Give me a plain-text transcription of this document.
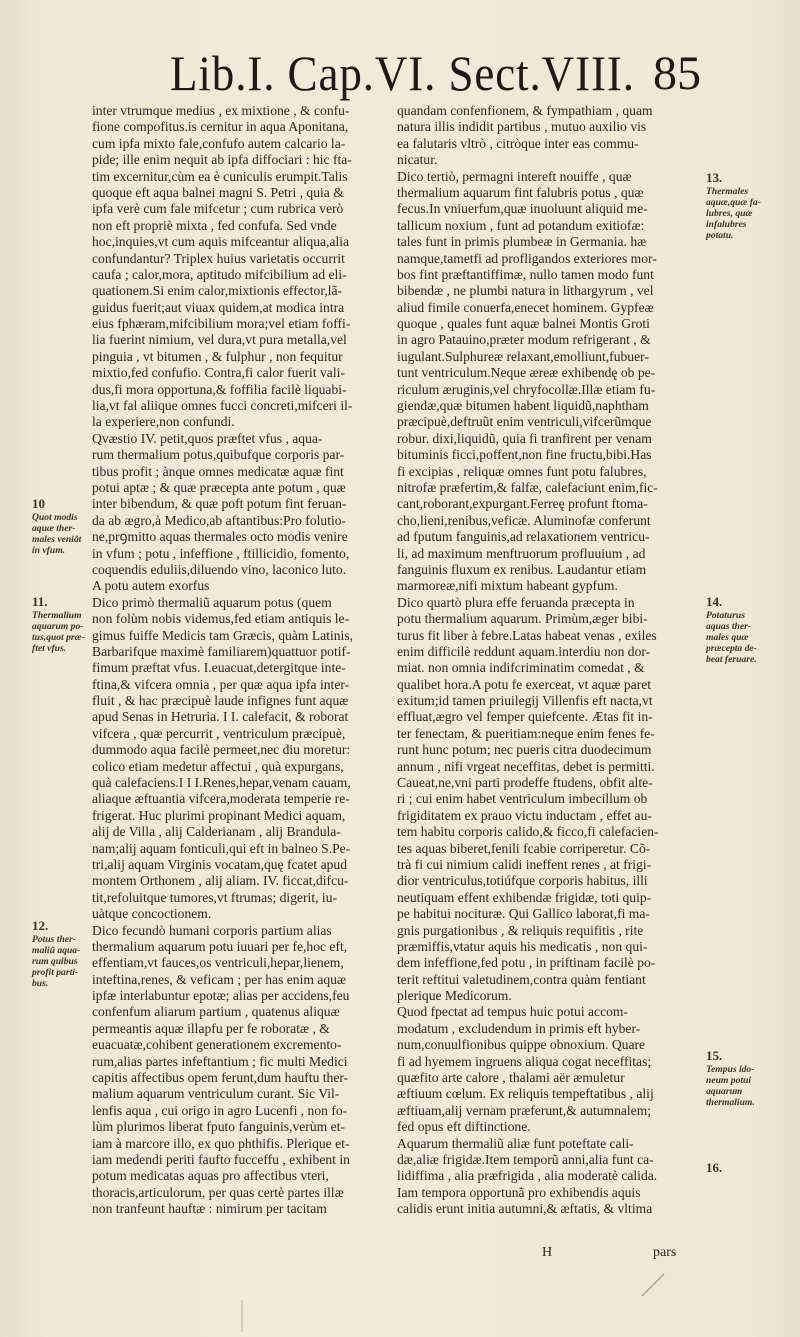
Lib.I. Cap.VI. Sect.VIII. 85
inter vtrumque medius , ex mixtione , & confu-
fione compofitus.is cernitur in aqua Aponitana,
cum ipfa mixto fale,confufo autem calcario la-
pide; ille enim nequit ab ipfa diffociari : hic fta-
tim excernitur,cùm ea è cuniculis erumpit.Talis
quoque eft aqua balnei magni S. Petri , quia &
ipfa verè cum fale mifcetur ; cum rubrica verò
non eft propriè mixta , fed confufa. Sed vnde
hoc,inquies,vt cum aquis mifceantur aliqua,alia
confundantur? Triplex huius varietatis occurrit
caufa ; calor,mora, aptitudo mifcibilium ad eli-
quationem.Si enim calor,mixtionis effector,lã-
guidus fuerit;aut viuax quidem,at modica intra
eius fphæram,mifcibilium mora;vel etiam foffi-
lia fuerint nimium, vel dura,vt pura metalla,vel
pinguia , vt bitumen , & fulphur , non fequitur
mixtio,fed confufio. Contra,fi calor fuerit vali-
dus,fi mora opportuna,& foffilia facilè liquabi-
lia,vt fal aliique omnes fucci concreti,mifceri il-
la experiere,non confundi.
Qvæstio IV. petit,quos præftet vfus , aqua-
rum thermalium potus,quibufque corporis par-
tibus profit ; ànque omnes medicatæ aquæ fint
potui aptæ ; & quæ præcepta ante potum , quæ
inter bibendum, & quæ poft potum fint feruan-
da ab ægro,à Medico,ab aftantibus:Pro folutio-
ne,prꝯmitto aquas thermales octo modis venire
in vfum ; potu , infeffione , ftillicidio, fomento,
coquendis eduliis,diluendo vino, laconico luto.
A potu autem exorfus
Dico primò thermaliũ aquarum potus (quem
non folùm nobis videmus,fed etiam antiquis le-
gimus fuiffe Medicis tam Græcis, quàm Latinis,
Barbarifque maximè familiarem)quattuor potif-
fimum præftat vfus. I.euacuat,detergitque inte-
ftina,& vifcera omnia , per quæ aqua ipfa inter-
fluit , & hac præcipuè laude infignes funt aquæ
apud Senas in Hetruria. I I. calefacit, & roborat
vifcera , quæ percurrit , ventriculum præcipuè,
dummodo aqua facilè permeet,nec diu moretur:
colico etiam medetur affectui , quà expurgans,
quà calefaciens.I I I.Renes,hepar,venam cauam,
aliaque æftuantia vifcera,moderata temperie re-
frigerat. Huc plurimi propinant Medici aquam,
alij de Villa , alij Calderianam , alij Brandula-
nam;alij aquam fonticuli,qui eft in balneo S.Pe-
tri,alij aquam Virginis vocatam,quę fcatet apud
montem Orthonem , alij aliam. IV. ficcat,difcu-
tit,refoluitque tumores,vt ftrumas; digerit, iu-
uàtque concoctionem.
Dico fecundò humani corporis partium alias
thermalium aquarum potu iuuari per fe,hoc eft,
effentiam,vt fauces,os ventriculi,hepar,lienem,
inteftina,renes, & veficam ; per has enim aquæ
ipfæ interlabuntur epotæ; alias per accidens,feu
confenfum aliarum partium , quatenus aliquæ
permeantis aquæ illapfu per fe roboratæ , &
euacuatæ,cohibent generationem excremento-
rum,alias partes infeftantium ; fic multi Medici
capitis affectibus opem ferunt,dum hauftu ther-
malium aquarum ventriculum curant. Sic Vil-
lenfis aqua , cui origo in agro Lucenfi , non fo-
lùm plurimos liberat fputo fanguinis,verùm et-
iam à marcore illo, ex quo phthifis. Plerique et-
iam medendi periti faufto fucceffu , exhibent in
potum medicatas aquas pro affectibus vteri,
thoracis,articulorum, per quas certè partes illæ
non tranfeunt hauftæ : nimirum per tacitam
quandam confenfionem, & fympathiam , quam
natura illis indidit partibus , mutuo auxilio vis
ea falutaris vltrò , citròque inter eas commu-
nicatur.
Dico tertiò, permagni intereft nouiffe , quæ
thermalium aquarum fint falubris potus , quæ
fecus.In vniuerfum,quæ inuoluunt aliquid me-
tallicum noxium , funt ad potandum exitiofæ:
tales funt in primis plumbeæ in Germania. hæ
namque,tametfi ad profligandos exteriores mor-
bos fint præftantiffimæ, nullo tamen modo funt
bibendæ , ne plumbi natura in lithargyrum , vel
aliud fimile conuerfa,enecet hominem. Gypfeæ
quoque , quales funt aquæ balnei Montis Groti
in agro Patauino,præter modum refrigerant , &
iugulant.Sulphureæ relaxant,emolliunt,fubuer-
tunt ventriculum.Neque æreæ exhibendę ob pe-
riculum æruginis,vel chryfocollæ.Illæ etiam fu-
giendæ,quæ bitumen habent liquidũ,naphtham
præcipuè,deftruũt enim ventriculi,vifcerũmque
robur. dixi,liquidũ, quia fi tranfirent per venam
bituminis ficci,poffent,non fine fructu,bibi.Has
fi excipias , reliquæ omnes funt potu falubres,
nitrofæ præfertim,& falfæ, calefaciunt enim,fic-
cant,roborant,expurgant.Ferreę profunt ftoma-
cho,lieni,renibus,veficæ. Aluminofæ conferunt
ad fputum fanguinis,ad relaxationem ventricu-
li, ad maximum menftruorum profluuium , ad
fanguinis fluxum ex renibus. Laudantur etiam
marmoreæ,nifi mixtum habeant gypfum.
Dico quartò plura effe feruanda præcepta in
potu thermalium aquarum. Primùm,æger bibi-
turus fit liber à febre.Latas habeat venas , exiles
enim difficilè reddunt aquam.interdiu non dor-
miat. non omnia indifcriminatim comedat , &
qualibet hora.A potu fe exerceat, vt aquæ paret
exitum;id tamen priuilegij Villenfis eft nacta,vt
effluat,ægro vel femper quiefcente. Ætas fit in-
ter fenectam, & pueritiam:neque enim fenes fe-
runt hunc potum; nec pueris citra duodecimum
annum , nifi vrgeat neceffitas, debet is permitti.
Caueat,ne,vni parti prodeffe ftudens, obfit alte-
ri ; cui enim habet ventriculum imbecillum ob
frigiditatem ex prauo victu inductam , effet au-
tem habitu corporis calido,& ficco,fi calefacien-
tes aquas biberet,fenili fcabie corriperetur. Cõ-
trà fi cui nimium calidi ineffent renes , at frigi-
dior ventriculus,totiúfque corporis habitus, illi
neutiquam effent exhibendæ frigidæ, toti quip-
pe habitui nocituræ. Qui Gallico laborat,fi ma-
gnis purgationibus , & reliquis requifitis , rite
præmiffis,vtatur aquis his medicatis , non qui-
dem infeffione,fed potu , in priftinam facilè po-
terit reftitui valetudinem,contra quàm fentiant
plerique Medicorum.
Quod fpectat ad tempus huic potui accom-
modatum , excludendum in primis eft hyber-
num,conuulfionibus quippe obnoxium. Quare
fi ad hyemem ingruens aliqua cogat neceffitas;
quæfito arte calore , thalami aër æmuletur
æftiuum cœlum. Ex reliquis tempeftatibus , alij
æftiuam,alij vernam præferunt,& autumnalem;
fed opus eft diftinctione.
Aquarum thermaliũ aliæ funt poteftate cali-
dæ,aliæ frigidæ.Item temporũ anni,alia funt ca-
lidiffima , alia præfrigida , alia moderatè calida.
Iam tempora opportunã pro exhibendis aquis
calidis erunt initia autumni,& æftatis, & vltima
10
Quot modis
aquæ ther-
males veniãt
in vfum.
11.
Thermalium
aquarum po-
tus,quot præ-
ftet vfus.
12.
Potus ther-
maliũ aqua-
rum quibus
profit parti-
bus.
13.
Thermales
aquæ,quæ fa-
lubres, quæ
infalubres
potatu.
14.
Potaturus
aquas ther-
males quæ
præcepta de-
beat feruare.
15.
Tempus ido-
neum potui
aquarum
thermalium.
16.
H	pars
